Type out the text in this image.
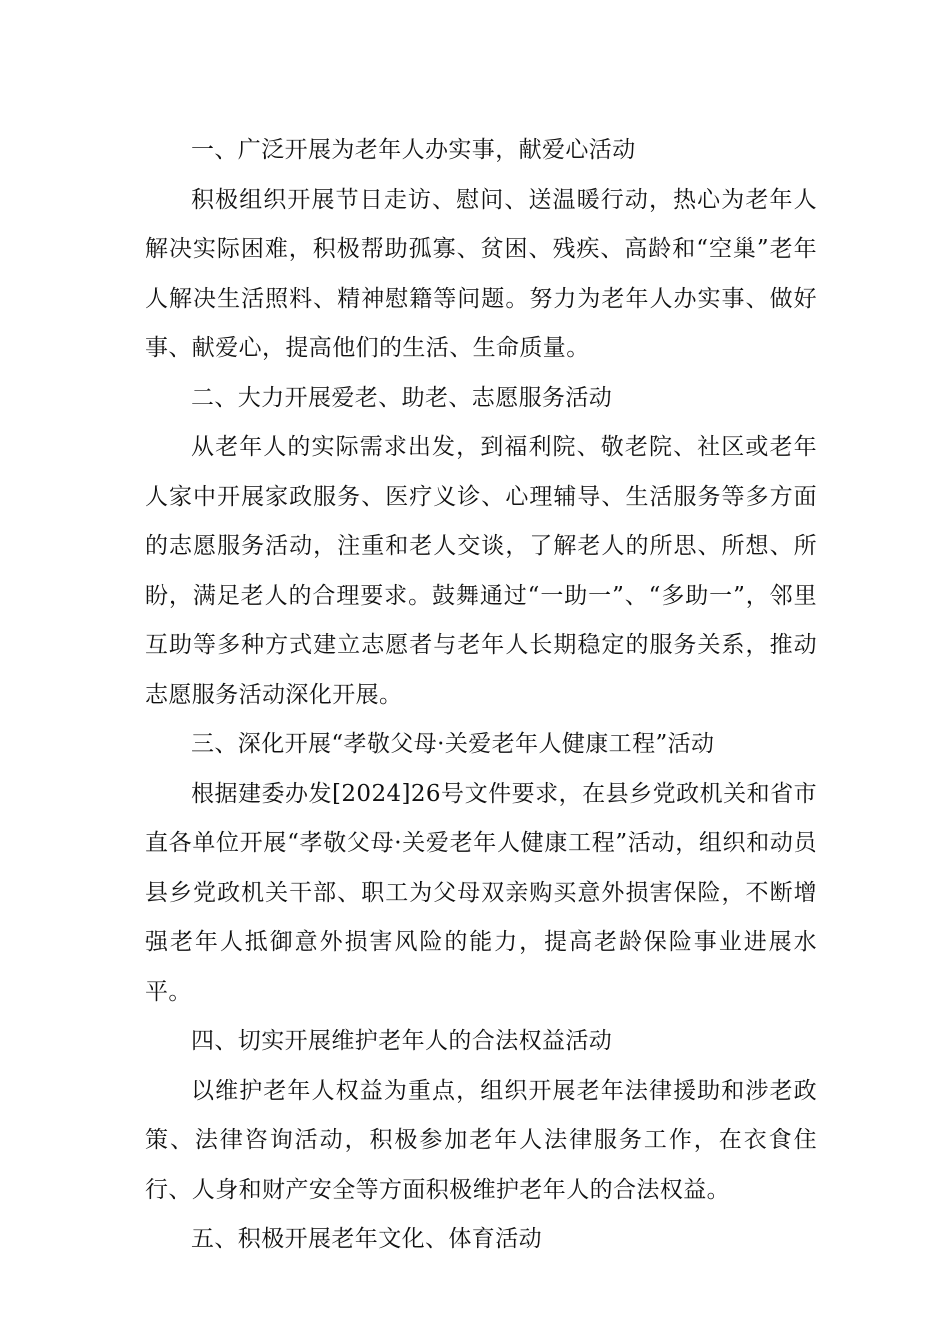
一、广泛开展为老年人办实事，献爱心活动

积极组织开展节日走访、慰问、送温暖行动，热心为老年人解决实际困难，积极帮助孤寡、贫困、残疾、高龄和“空巢”老年人解决生活照料、精神慰籍等问题。努力为老年人办实事、做好事、献爱心，提高他们的生活、生命质量。

二、大力开展爱老、助老、志愿服务活动

从老年人的实际需求出发，到福利院、敬老院、社区或老年人家中开展家政服务、医疗义诊、心理辅导、生活服务等多方面的志愿服务活动，注重和老人交谈，了解老人的所思、所想、所盼，满足老人的合理要求。鼓舞通过“一助一”、“多助一”，邻里互助等多种方式建立志愿者与老年人长期稳定的服务关系，推动志愿服务活动深化开展。

三、深化开展“孝敬父母·关爱老年人健康工程”活动

根据建委办发[2024]26号文件要求，在县乡党政机关和省市直各单位开展“孝敬父母·关爱老年人健康工程”活动，组织和动员县乡党政机关干部、职工为父母双亲购买意外损害保险，不断增强老年人抵御意外损害风险的能力，提高老龄保险事业进展水平。

四、切实开展维护老年人的合法权益活动

以维护老年人权益为重点，组织开展老年法律援助和涉老政策、法律咨询活动，积极参加老年人法律服务工作，在衣食住行、人身和财产安全等方面积极维护老年人的合法权益。

五、积极开展老年文化、体育活动
